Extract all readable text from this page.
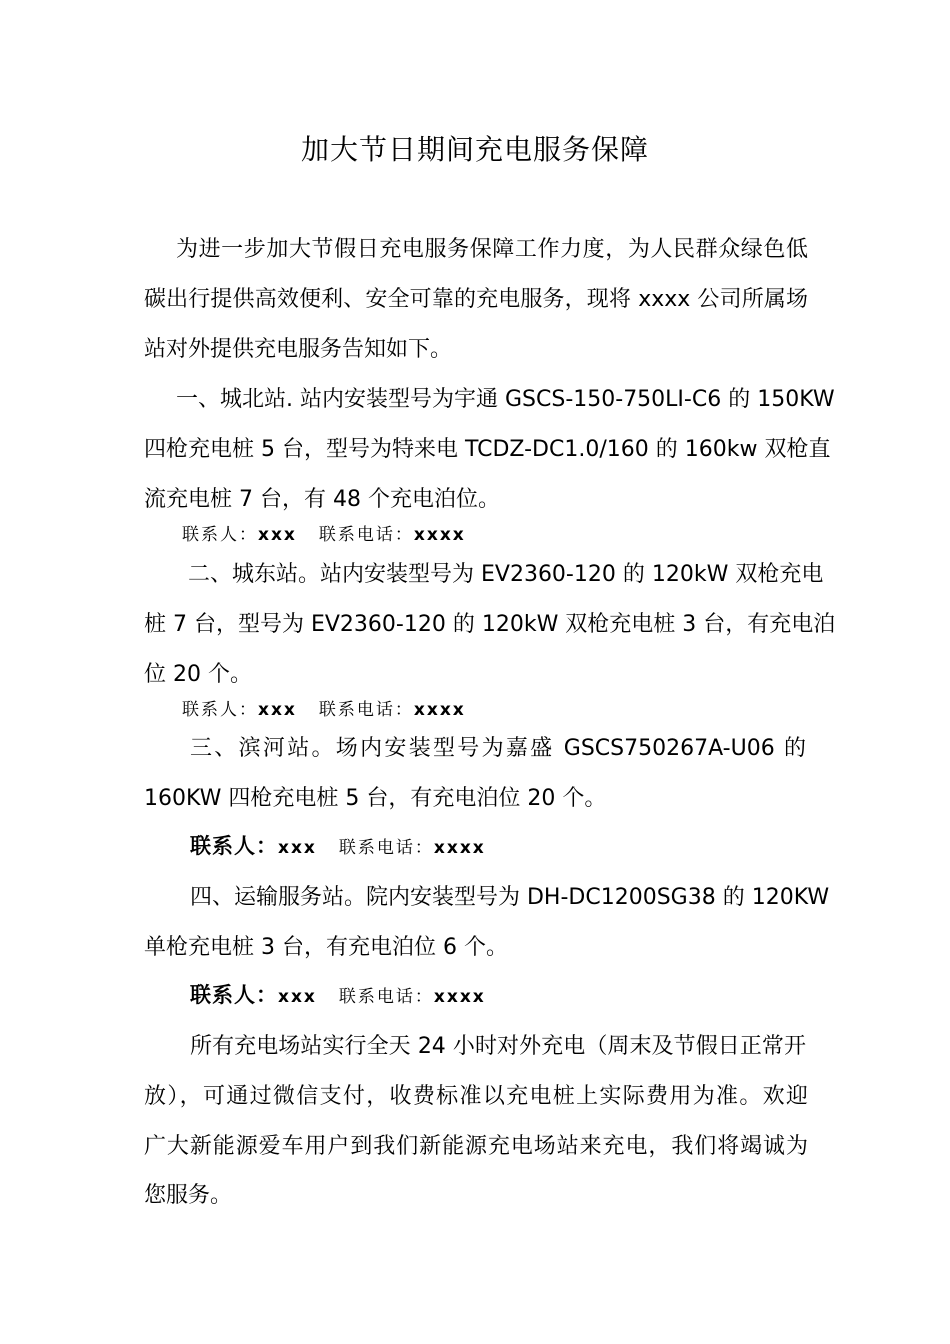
加大节日期间充电服务保障
为进一步加大节假日充电服务保障工作力度，为人民群众绿色低
碳出行提供高效便利、安全可靠的充电服务，现将 xxxx 公司所属场
站对外提供充电服务告知如下。
一、城北站. 站内安装型号为宇通 GSCS-150-750LI-C6 的 150KW
四枪充电桩 5 台，型号为特来电 TCDZ-DC1.0/160 的 160kw 双枪直
流充电桩 7 台，有 48 个充电泊位。
联系人：xxx 联系电话：xxxx
二、城东站。站内安装型号为 EV2360-120 的 120kW 双枪充电
桩 7 台，型号为 EV2360-120 的 120kW 双枪充电桩 3 台，有充电泊
位 20 个。
联系人：xxx 联系电话：xxxx
三、滨河站。场内安装型号为嘉盛 GSCS750267A-U06 的
160KW 四枪充电桩 5 台，有充电泊位 20 个。
联系人：xxx 联系电话：xxxx
四、运输服务站。院内安装型号为 DH-DC1200SG38 的 120KW
单枪充电桩 3 台，有充电泊位 6 个。
联系人：xxx 联系电话：xxxx
所有充电场站实行全天 24 小时对外充电（周末及节假日正常开
放），可通过微信支付，收费标准以充电桩上实际费用为准。欢迎
广大新能源爱车用户到我们新能源充电场站来充电，我们将竭诚为
您服务。
